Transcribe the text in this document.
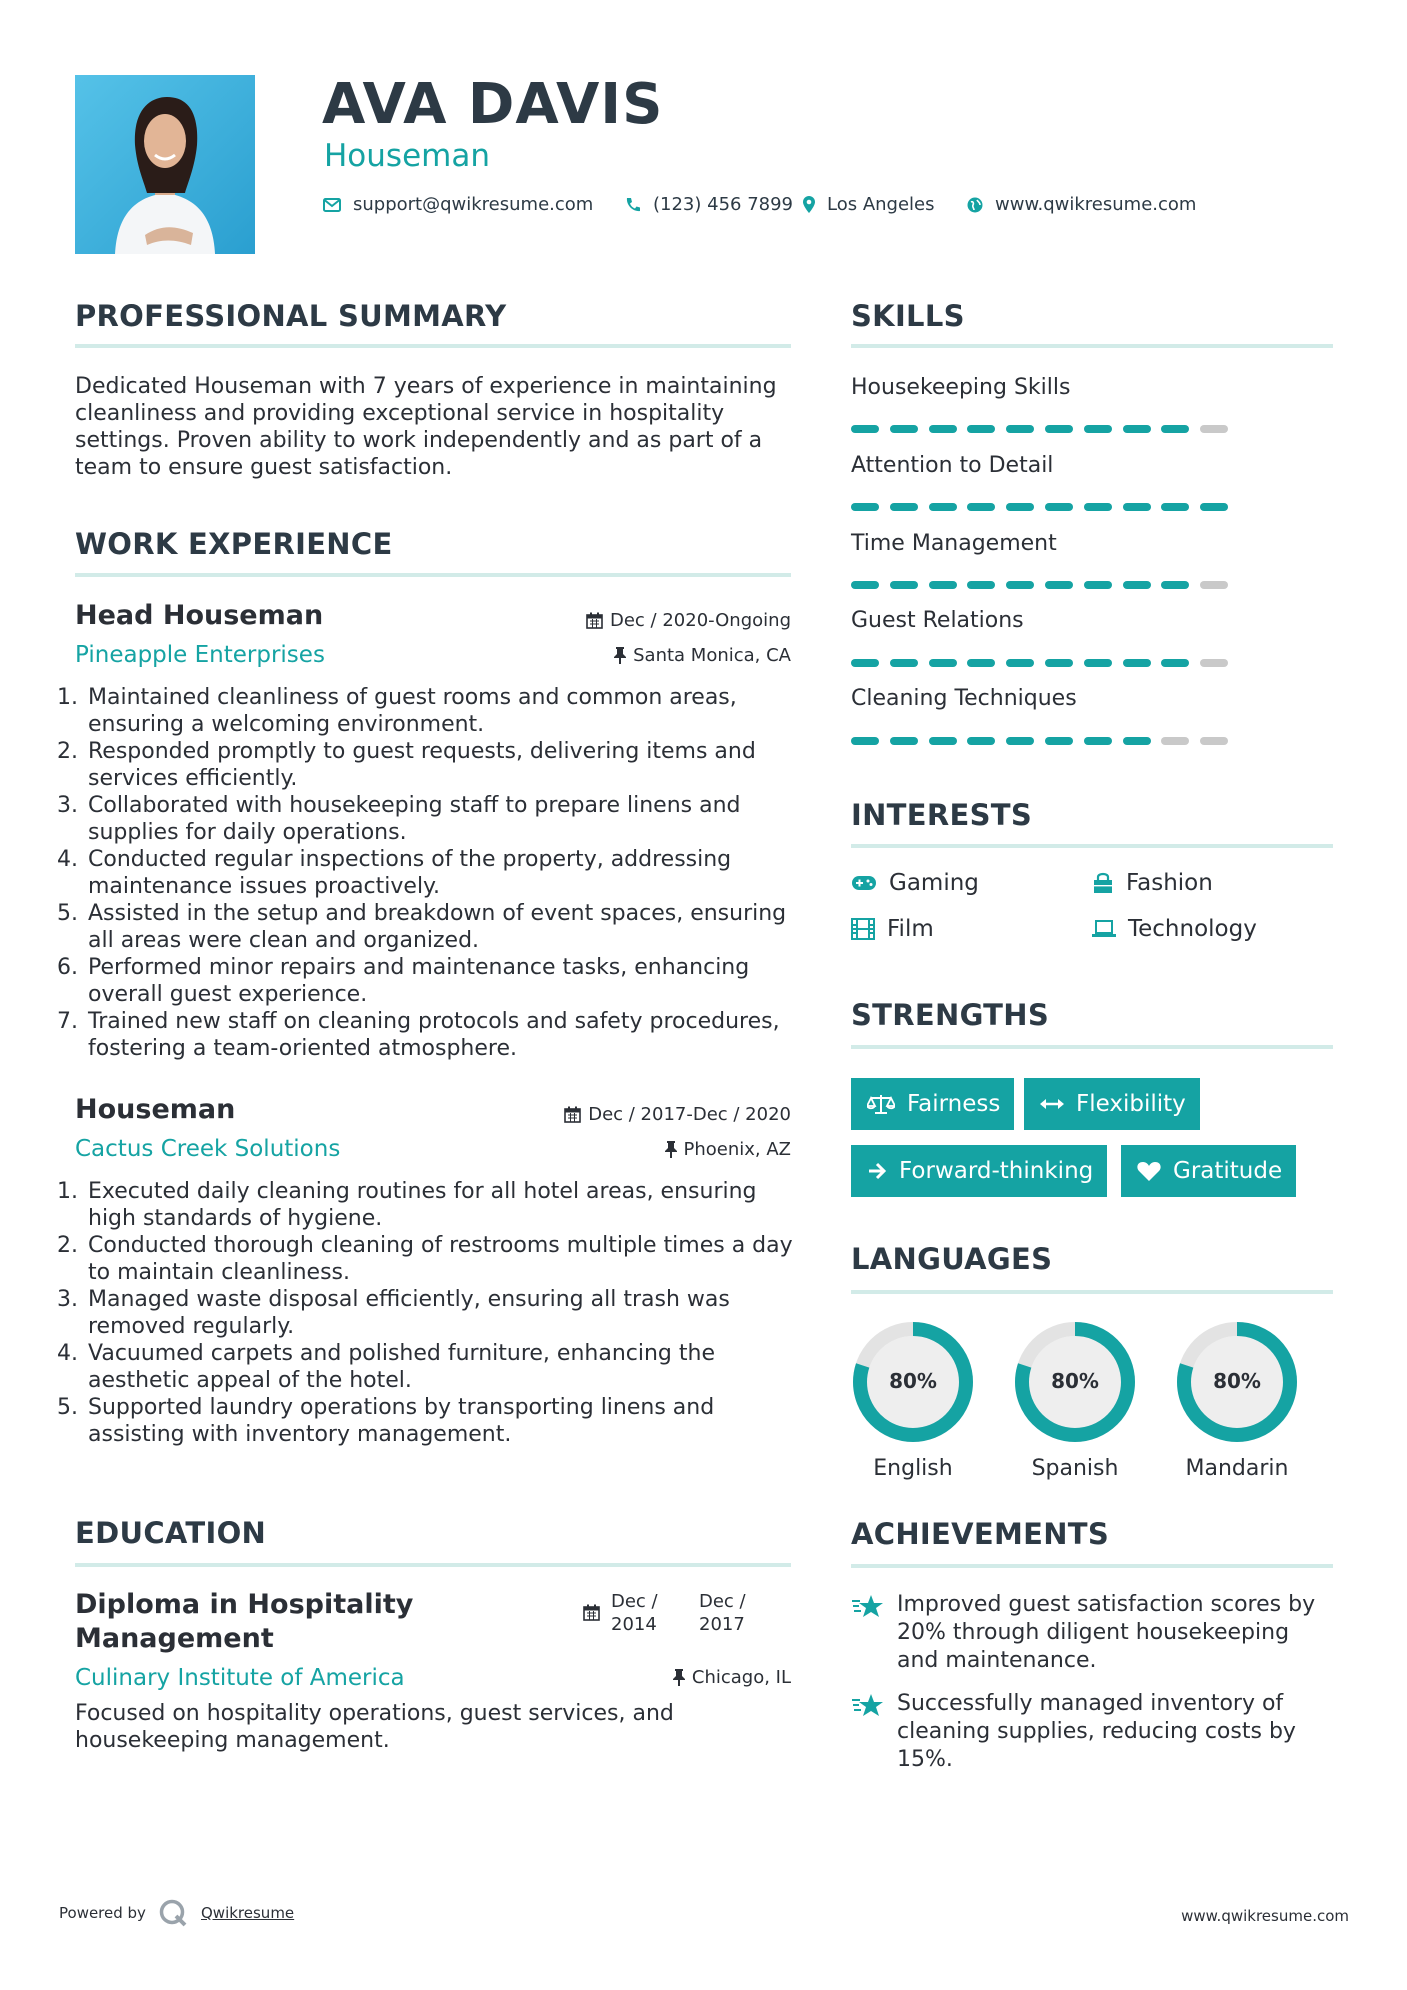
AVA DAVIS
Houseman
support@qwikresume.com	(123) 456 7899 Los Angeles	www.qwikresume.com
PROFESSIONAL SUMMARY

Dedicated Houseman with 7 years of experience in maintaining cleanliness and providing exceptional service in hospitality settings. Proven ability to work independently and as part of a team to ensure guest satisfaction.

WORK EXPERIENCE
Head Houseman	Dec / 2020-Ongoing
Pineapple Enterprises	Santa Monica, CA
1. Maintained cleanliness of guest rooms and common areas, ensuring a welcoming environment.
2. Responded promptly to guest requests, delivering items and services efficiently.
3. Collaborated with housekeeping staff to prepare linens and supplies for daily operations.
4. Conducted regular inspections of the property, addressing maintenance issues proactively.
5. Assisted in the setup and breakdown of event spaces, ensuring all areas were clean and organized.
6. Performed minor repairs and maintenance tasks, enhancing overall guest experience.
7. Trained new staff on cleaning protocols and safety procedures, fostering a team-oriented atmosphere.
Houseman	Dec / 2017-Dec / 2020
Cactus Creek Solutions	Phoenix, AZ
1. Executed daily cleaning routines for all hotel areas, ensuring high standards of hygiene.
2. Conducted thorough cleaning of restrooms multiple times a day to maintain cleanliness.
3. Managed waste disposal efficiently, ensuring all trash was removed regularly.
4. Vacuumed carpets and polished furniture, enhancing the aesthetic appeal of the hotel.
5. Supported laundry operations by transporting linens and assisting with inventory management.
EDUCATION
Diploma in Hospitality Management
Dec /
2014
Dec /
2017
Culinary Institute of America	Chicago, IL

Focused on hospitality operations, guest services, and housekeeping management.

SKILLS
Housekeeping Skills
Attention to Detail
Time Management
Guest Relations
Cleaning Techniques
INTERESTS
Gaming	Fashion
Film	Technology
STRENGTHS
Fairness	Flexibility
Forward-thinking	Gratitude
LANGUAGES
80%
English
80%
Spanish
80%
Mandarin
ACHIEVEMENTS

Improved guest satisfaction scores by 20% through diligent housekeeping and maintenance.

Successfully managed inventory of cleaning supplies, reducing costs by 15%.

Powered by	Qwikresume	www.qwikresume.com
